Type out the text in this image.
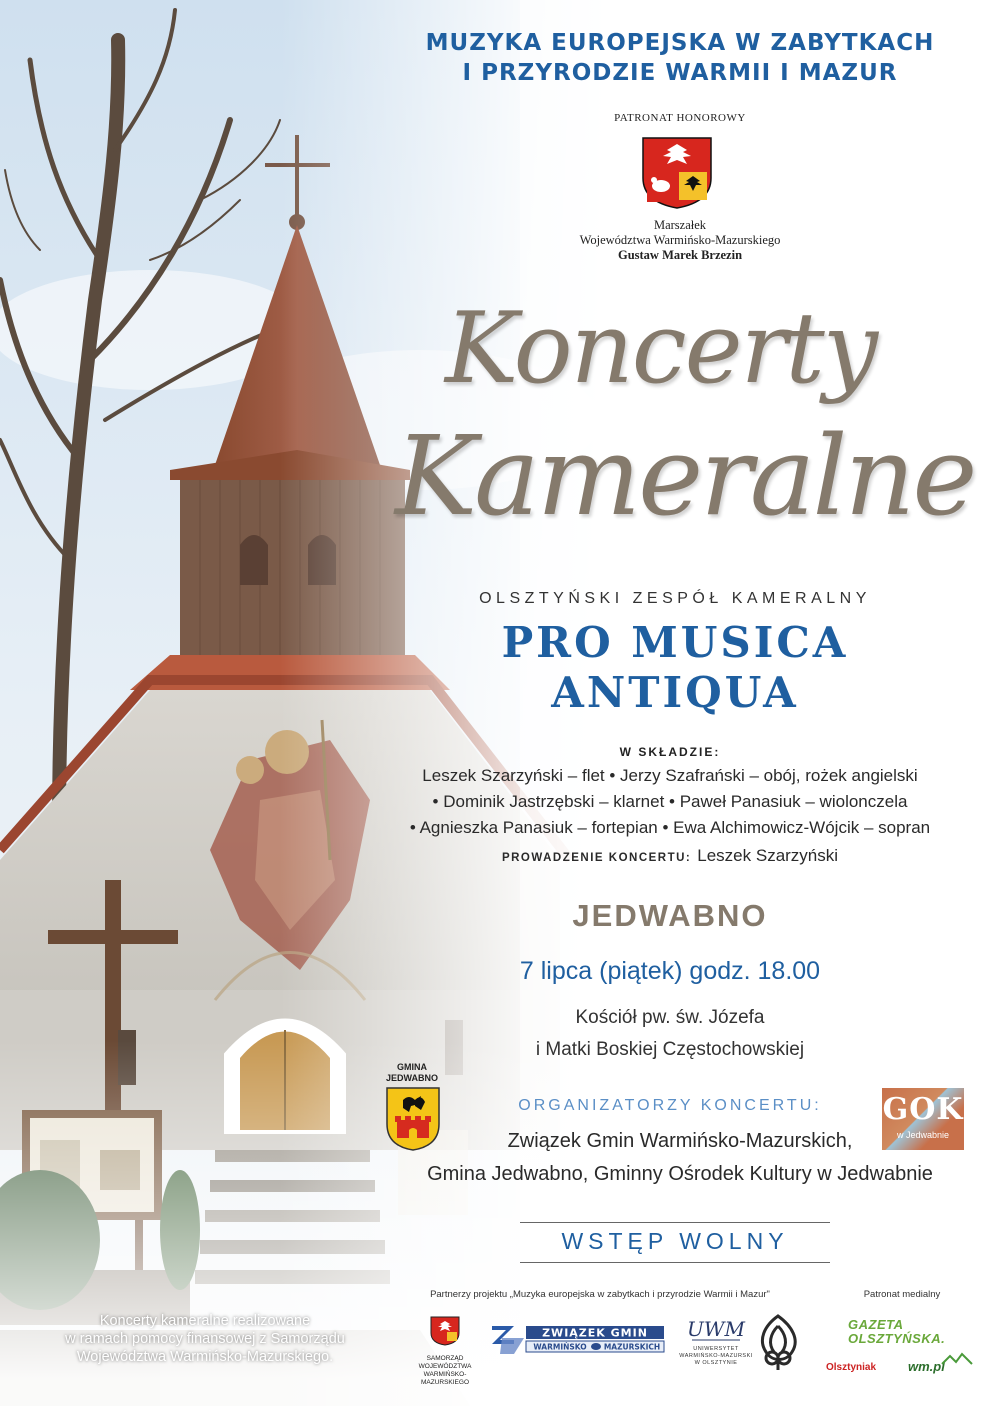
MUZYKA EUROPEJSKA W ZABYTKACH
I PRZYRODZIE WARMII I MAZUR
PATRONAT HONOROWY
Marszałek
Województwa Warmińsko-Mazurskiego
Gustaw Marek Brzezin
Koncerty
Kameralne
OLSZTYŃSKI ZESPÓŁ KAMERALNY
PRO MUSICA
ANTIQUA
W SKŁADZIE:
Leszek Szarzyński – flet • Jerzy Szafrański – obój, rożek angielski
• Dominik Jastrzębski – klarnet • Paweł Panasiuk – wiolonczela
• Agnieszka Panasiuk – fortepian • Ewa Alchimowicz-Wójcik – sopran
PROWADZENIE KONCERTU: Leszek Szarzyński
JEDWABNO
7 lipca (piątek) godz. 18.00
Kościół pw. św. Józefa
i Matki Boskiej Częstochowskiej
GMINA
JEDWABNO
ORGANIZATORZY KONCERTU:
Związek Gmin Warmińsko-Mazurskich,
Gmina Jedwabno, Gminny Ośrodek Kultury w Jedwabnie
GOK
w Jedwabnie
WSTĘP WOLNY
Partnerzy projektu „Muzyka europejska w zabytkach i przyrodzie Warmii i Mazur"	Patronat medialny
Koncerty kameralne realizowane
w ramach pomocy finansowej z Samorządu
Województwa Warmińsko-Mazurskiego.	SAMORZĄD
WOJEWÓDZTWA
WARMIŃSKO-MAZURSKIEGO
ZWIĄZEK GMIN
WARMIŃSKO MAZURSKICH
UWM
UNIWERSYTET
WARMIŃSKO-MAZURSKI
W OLSZTYNIE
GAZETA
OLSZTYŃSKA.
Olsztyniak	wm.pl
